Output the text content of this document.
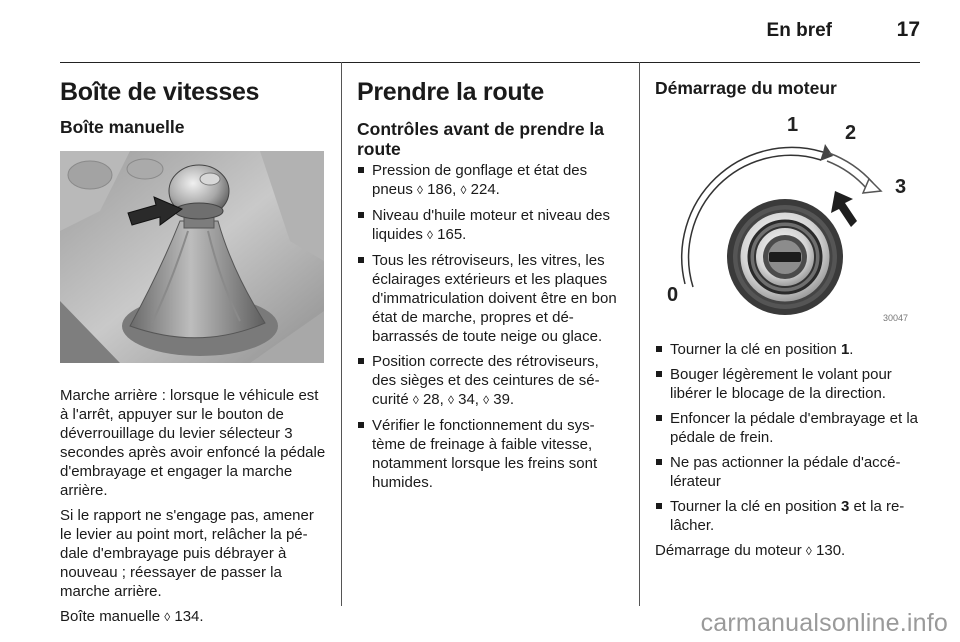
En bref	17
Boîte de vitesses
Boîte manuelle

Marche arrière : lorsque le véhicule est à l'arrêt, appuyer sur le bouton de déverrouillage du levier sélecteur 3 secondes après avoir enfoncé la pédale d'embrayage et engager la marche arrière.

Si le rapport ne s'engage pas, amener le levier au point mort, relâcher la pé-dale d'embrayage puis débrayer à nouveau ; réessayer de passer la marche arrière.

Boîte manuelle ◊ 134.

Prendre la route
Contrôles avant de prendre la route
Pression de gonflage et état des pneus ◊ 186, ◊ 224.
Niveau d'huile moteur et niveau des liquides ◊ 165.
Tous les rétroviseurs, les vitres, les éclairages extérieurs et les plaques d'immatriculation doivent être en bon état de marche, propres et dé-barrassés de toute neige ou glace.
Position correcte des rétroviseurs, des sièges et des ceintures de sé-curité ◊ 28, ◊ 34, ◊ 39.
Vérifier le fonctionnement du sys-tème de freinage à faible vitesse, notamment lorsque les freins sont humides.
Démarrage du moteur
1 2
3
0
30047
Tourner la clé en position 1.
Bouger légèrement le volant pour libérer le blocage de la direction.
Enfoncer la pédale d'embrayage et la pédale de frein.
Ne pas actionner la pédale d'accé-lérateur
Tourner la clé en position 3 et la re-lâcher.

Démarrage du moteur ◊ 130.

carmanualsonline.info
